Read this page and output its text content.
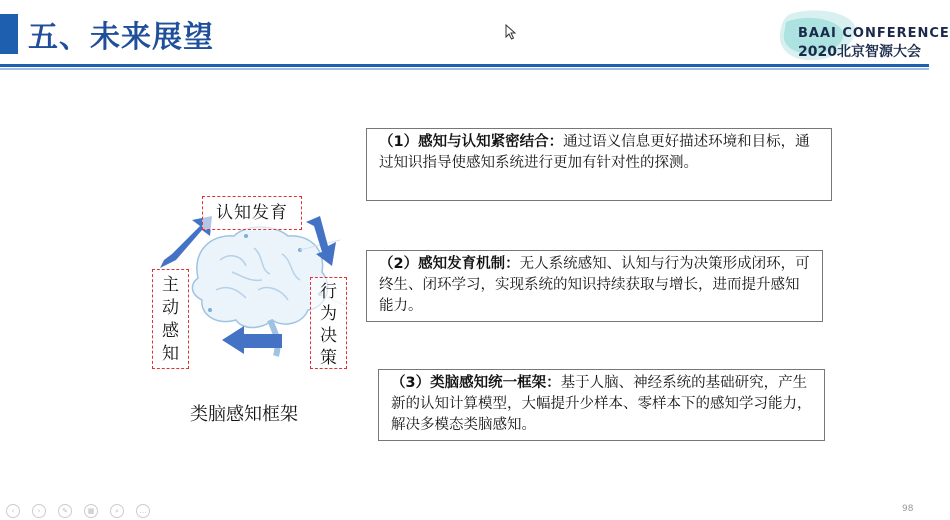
五、未来展望	BAAI CONFERENCE
2020北京智源大会
认知发育
主
动
感
知
行
为
决
策
类脑感知框架
（1）感知与认知紧密结合：通过语义信息更好描述环境和目标，通过知识指导使感知系统进行更加有针对性的探测。
（2）感知发育机制：无人系统感知、认知与行为决策形成闭环，可终生、闭环学习，实现系统的知识持续获取与增长，进而提升感知能力。
（3）类脑感知统一框架：基于人脑、神经系统的基础研究，产生新的认知计算模型，大幅提升少样本、零样本下的感知学习能力，解决多模态类脑感知。
‹	›	✎	▦	⌕	…	98
